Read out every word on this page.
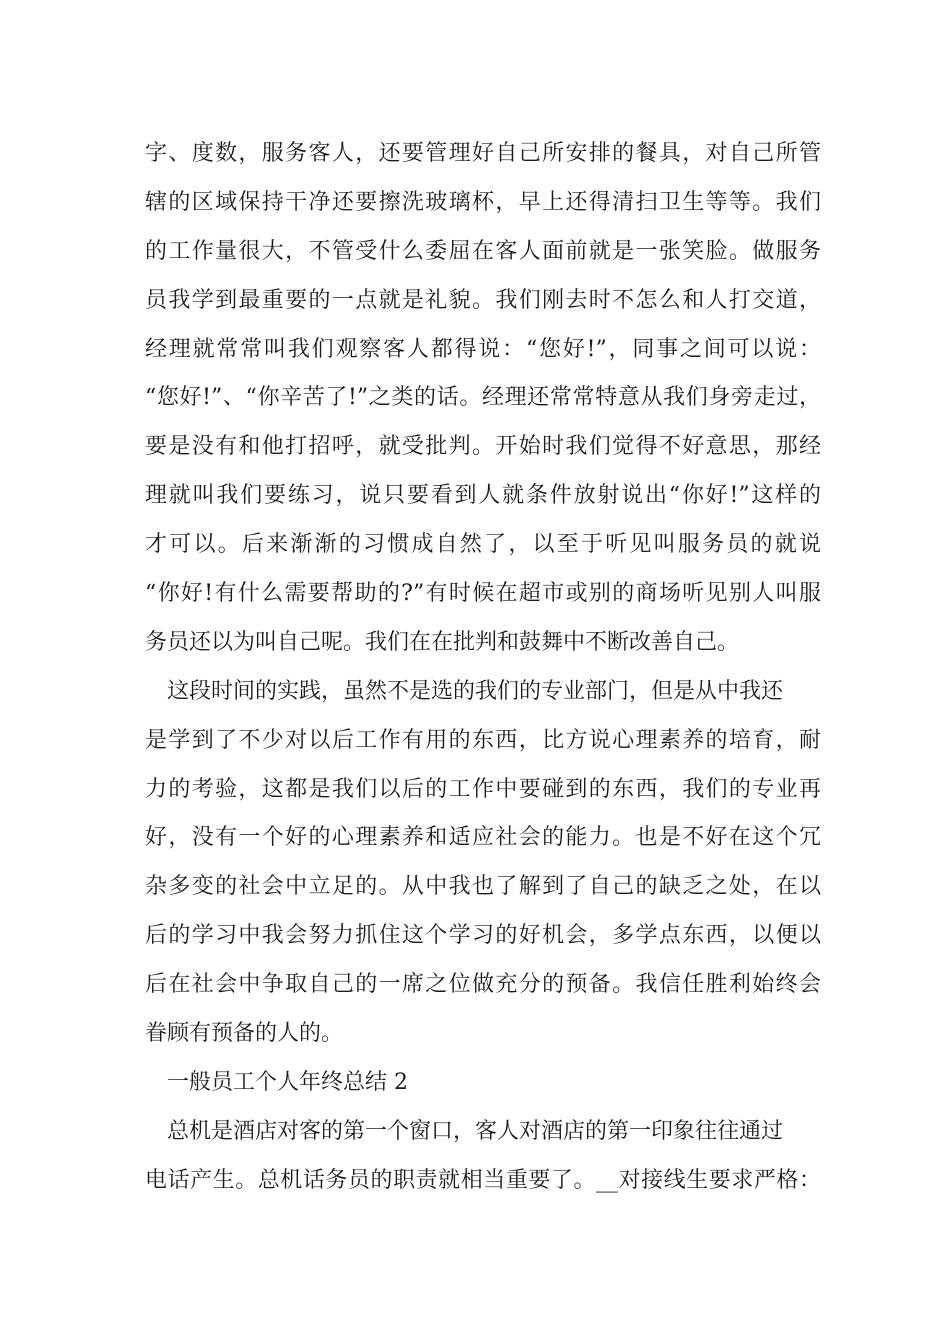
字、度数，服务客人，还要管理好自己所安排的餐具，对自己所管
辖的区域保持干净还要擦洗玻璃杯，早上还得清扫卫生等等。我们
的工作量很大，不管受什么委屈在客人面前就是一张笑脸。做服务
员我学到最重要的一点就是礼貌。我们刚去时不怎么和人打交道，
经理就常常叫我们观察客人都得说：“您好!”，同事之间可以说：
“您好!”、“你辛苦了!”之类的话。经理还常常特意从我们身旁走过，
要是没有和他打招呼，就受批判。开始时我们觉得不好意思，那经
理就叫我们要练习，说只要看到人就条件放射说出“你好!”这样的
才可以。后来渐渐的习惯成自然了，以至于听见叫服务员的就说
“你好!有什么需要帮助的?”有时候在超市或别的商场听见别人叫服
务员还以为叫自己呢。我们在在批判和鼓舞中不断改善自己。
这段时间的实践，虽然不是选的我们的专业部门，但是从中我还
是学到了不少对以后工作有用的东西，比方说心理素养的培育，耐
力的考验，这都是我们以后的工作中要碰到的东西，我们的专业再
好，没有一个好的心理素养和适应社会的能力。也是不好在这个冗
杂多变的社会中立足的。从中我也了解到了自己的缺乏之处，在以
后的学习中我会努力抓住这个学习的好机会，多学点东西，以便以
后在社会中争取自己的一席之位做充分的预备。我信任胜利始终会
眷顾有预备的人的。
一般员工个人年终总结 2
总机是酒店对客的第一个窗口，客人对酒店的第一印象往往通过
电话产生。总机话务员的职责就相当重要了。__对接线生要求严格：
